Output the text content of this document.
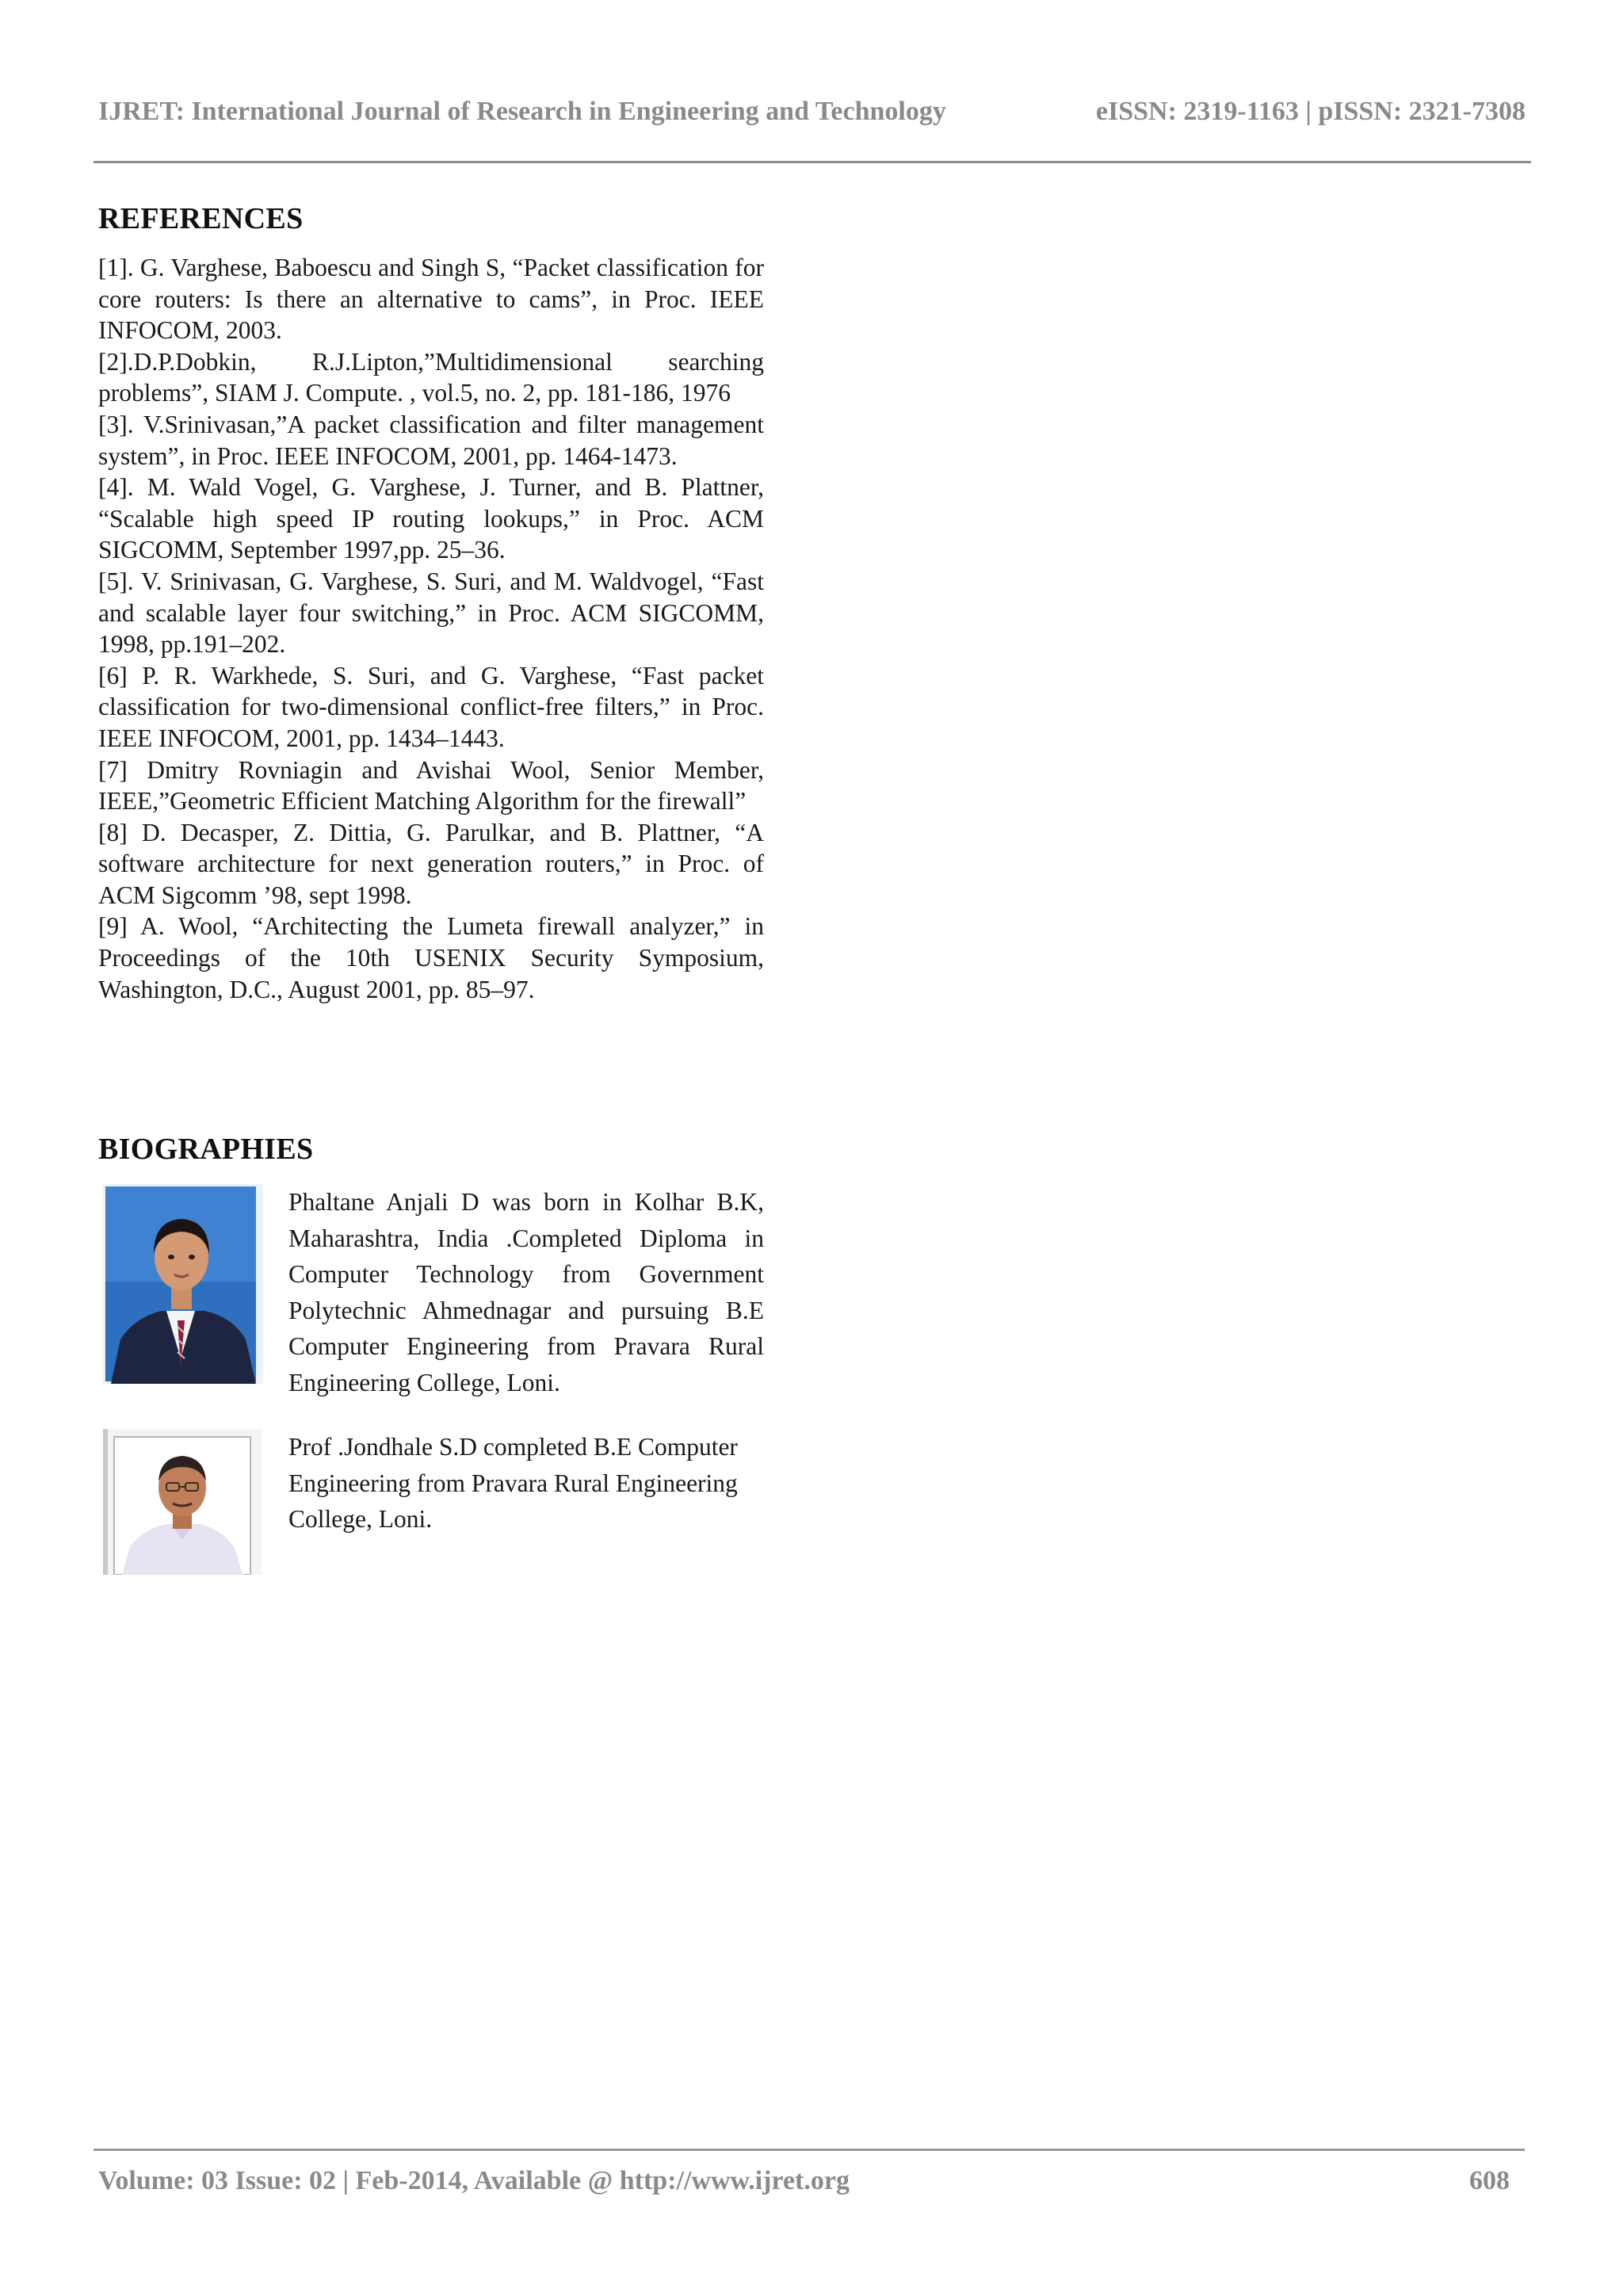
IJRET: International Journal of Research in Engineering and Technology	eISSN: 2319-1163 | pISSN: 2321-7308
REFERENCES

[1]. G. Varghese, Baboescu and Singh S, “Packet classification for core routers: Is there an alternative to cams”, in Proc. IEEE INFOCOM, 2003.

[2].D.P.Dobkin, R.J.Lipton,”Multidimensional searching problems”, SIAM J. Compute. , vol.5, no. 2, pp. 181-186, 1976

[3]. V.Srinivasan,”A packet classification and filter management system”, in Proc. IEEE INFOCOM, 2001, pp. 1464-1473.

[4]. M. Wald Vogel, G. Varghese, J. Turner, and B. Plattner, “Scalable high speed IP routing lookups,” in Proc. ACM SIGCOMM, September 1997,pp. 25–36.

[5]. V. Srinivasan, G. Varghese, S. Suri, and M. Waldvogel, “Fast and scalable layer four switching,” in Proc. ACM SIGCOMM, 1998, pp.191–202.

[6] P. R. Warkhede, S. Suri, and G. Varghese, “Fast packet classification for two-dimensional conflict-free filters,” in Proc. IEEE INFOCOM, 2001, pp. 1434–1443.

[7] Dmitry Rovniagin and Avishai Wool, Senior Member, IEEE,”Geometric Efficient Matching Algorithm for the firewall”

[8] D. Decasper, Z. Dittia, G. Parulkar, and B. Plattner, “A software architecture for next generation routers,” in Proc. of ACM Sigcomm ’98, sept 1998.

[9] A. Wool, “Architecting the Lumeta firewall analyzer,” in Proceedings of the 10th USENIX Security Symposium, Washington, D.C., August 2001, pp. 85–97.

BIOGRAPHIES
Phaltane Anjali D was born in Kolhar B.K, Maharashtra, India .Completed Diploma in Computer Technology from Government Polytechnic Ahmednagar and pursuing B.E Computer Engineering from Pravara Rural Engineering College, Loni.
Prof .Jondhale S.D completed B.E Computer Engineering from Pravara Rural Engineering College, Loni.
Volume: 03 Issue: 02 | Feb-2014, Available @ http://www.ijret.org	608
